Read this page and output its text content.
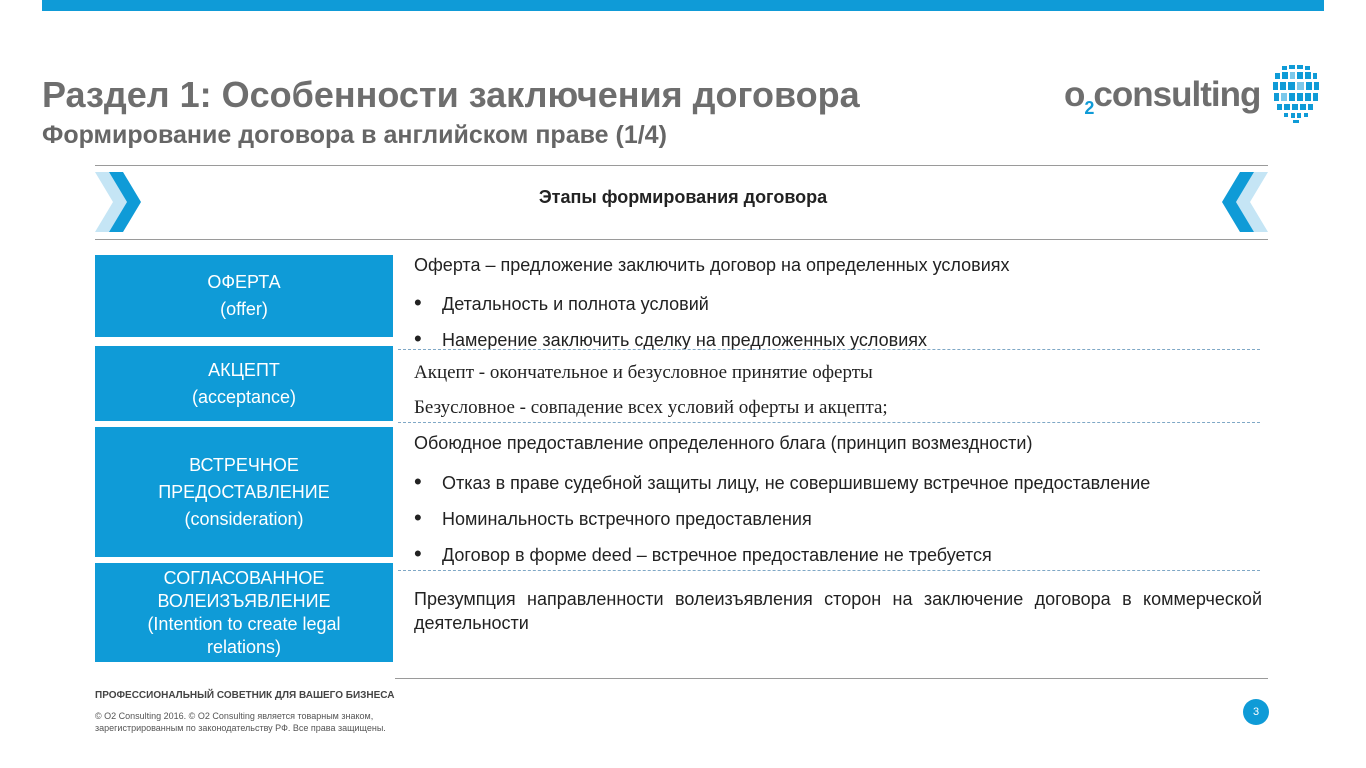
Раздел 1: Особенности заключения договора
Формирование договора в английском праве (1/4)
$o_2consulting$
Этапы формирования договора
ОФЕРТА
(offer)
АКЦЕПТ
(acceptance)
ВСТРЕЧНОЕ
ПРЕДОСТАВЛЕНИЕ
(consideration)
СОГЛАСОВАННОЕ
ВОЛЕИЗЪЯВЛЕНИЕ
(Intention to create legal
relations)
Оферта – предложение заключить договор на определенных условиях
• Детальность и полнота условий
• Намерение заключить сделку на предложенных условиях
Акцепт - окончательное и безусловное принятие оферты
Безусловное - совпадение всех условий оферты и акцепта;
Обоюдное предоставление определенного блага (принцип возмездности)
• Отказ в праве судебной защиты лицу, не совершившему встречное предоставление
• Номинальность встречного предоставления
• Договор в форме deed – встречное предоставление не требуется
Презумпция направленности волеизъявления сторон на заключение договора в коммерческой деятельности
ПРОФЕССИОНАЛЬНЫЙ СОВЕТНИК ДЛЯ ВАШЕГО БИЗНЕСА
© O2 Consulting 2016. © O2 Consulting является товарным знаком,
зарегистрированным по законодательству РФ. Все права защищены.
3
